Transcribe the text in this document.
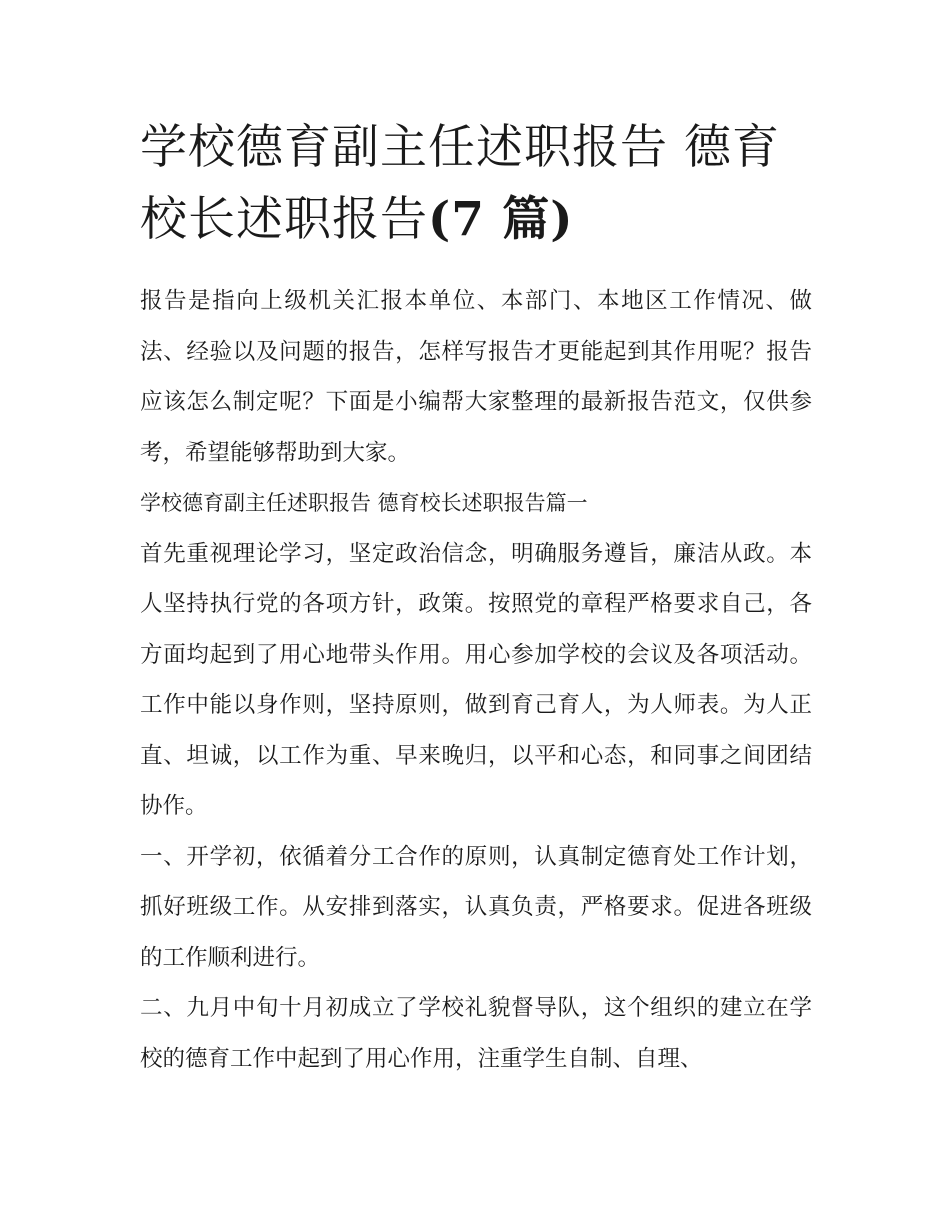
学校德育副主任述职报告 德育
校长述职报告(7 篇)

报告是指向上级机关汇报本单位、本部门、本地区工作情况、做法、经验以及问题的报告，怎样写报告才更能起到其作用呢？报告应该怎么制定呢？下面是小编帮大家整理的最新报告范文，仅供参考，希望能够帮助到大家。

学校德育副主任述职报告 德育校长述职报告篇一

首先重视理论学习，坚定政治信念，明确服务遵旨，廉洁从政。本人坚持执行党的各项方针，政策。按照党的章程严格要求自己，各方面均起到了用心地带头作用。用心参加学校的会议及各项活动。工作中能以身作则，坚持原则，做到育己育人，为人师表。为人正直、坦诚，以工作为重、早来晚归，以平和心态，和同事之间团结协作。

一、开学初，依循着分工合作的原则，认真制定德育处工作计划，抓好班级工作。从安排到落实，认真负责，严格要求。促进各班级的工作顺利进行。

二、九月中旬十月初成立了学校礼貌督导队，这个组织的建立在学校的德育工作中起到了用心作用，注重学生自制、自理、
